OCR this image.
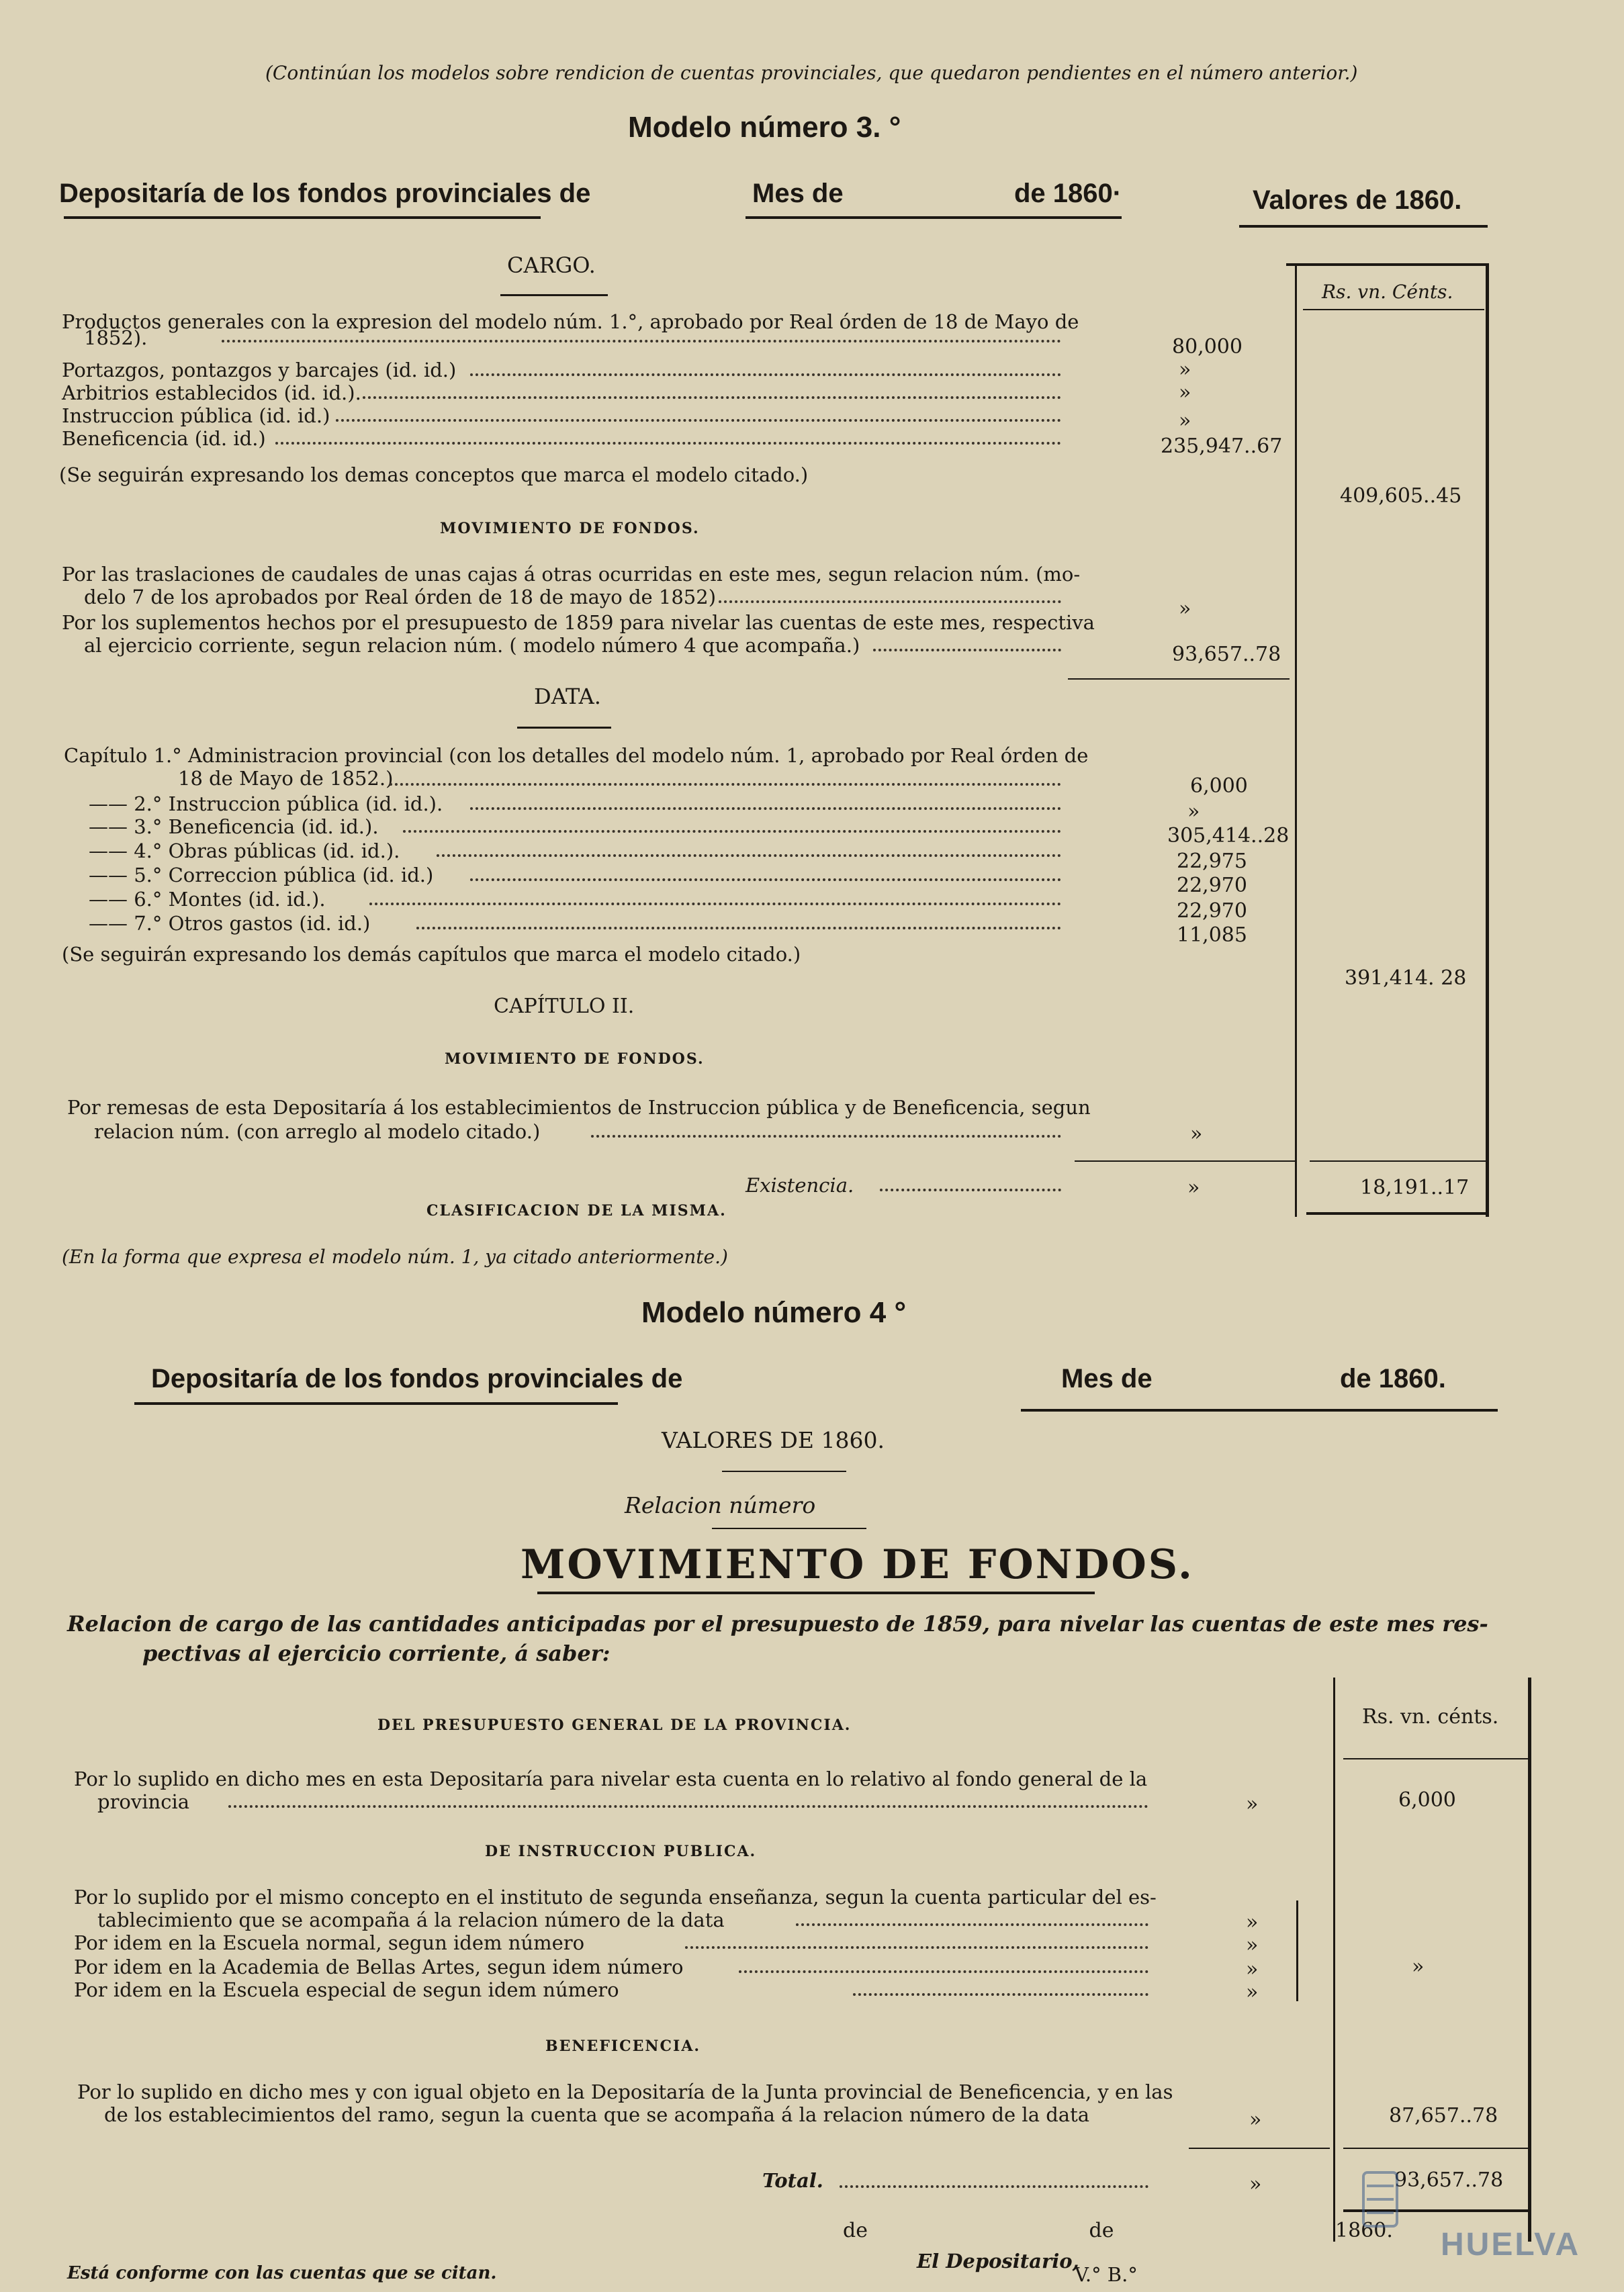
(Continúan los modelos sobre rendicion de cuentas provinciales, que quedaron pendientes en el número anterior.)
Modelo número 3. °
Depositaría de los fondos provinciales de	Mes de	de 1860·	Valores de 1860.
Rs. vn. Cénts.
CARGO.
Productos generales con la expresion del modelo núm. 1.°, aprobado por Real órden de 18 de Mayo de
1852).	80,000
Portazgos, pontazgos y barcajes (id. id.)	»
Arbitrios establecidos (id. id.).	»
Instruccion pública (id. id.)	»
Beneficencia (id. id.)	235,947..67
(Se seguirán expresando los demas conceptos que marca el modelo citado.)
409,605..45
MOVIMIENTO DE FONDOS.
Por las traslaciones de caudales de unas cajas á otras ocurridas en este mes, segun relacion núm. (mo-
delo 7 de los aprobados por Real órden de 18 de mayo de 1852)	»
Por los suplementos hechos por el presupuesto de 1859 para nivelar las cuentas de este mes, respectiva
al ejercicio corriente, segun relacion núm. ( modelo número 4 que acompaña.)	93,657..78
DATA.
Capítulo 1.° Administracion provincial (con los detalles del modelo núm. 1, aprobado por Real órden de
18 de Mayo de 1852.)	6,000
—— 2.° Instruccion pública (id. id.).	»
—— 3.° Beneficencia (id. id.).	305,414..28
—— 4.° Obras públicas (id. id.).	22,975
—— 5.° Correccion pública (id. id.)	22,970
—— 6.° Montes (id. id.).	22,970
—— 7.° Otros gastos (id. id.)	11,085
(Se seguirán expresando los demás capítulos que marca el modelo citado.)
391,414. 28
CAPÍTULO II.
MOVIMIENTO DE FONDOS.
Por remesas de esta Depositaría á los establecimientos de Instruccion pública y de Beneficencia, segun
relacion núm. (con arreglo al modelo citado.)	»
Existencia.	»	18,191..17
CLASIFICACION DE LA MISMA.
(En la forma que expresa el modelo núm. 1, ya citado anteriormente.)
Modelo número 4 °
Depositaría de los fondos provinciales de	Mes de	de 1860.
VALORES DE 1860.
Relacion número
MOVIMIENTO DE FONDOS.
Relacion de cargo de las cantidades anticipadas por el presupuesto de 1859, para nivelar las cuentas de este mes res-
pectivas al ejercicio corriente, á saber:
Rs. vn. cénts.
DEL PRESUPUESTO GENERAL DE LA PROVINCIA.
Por lo suplido en dicho mes en esta Depositaría para nivelar esta cuenta en lo relativo al fondo general de la
provincia	»	6,000
DE INSTRUCCION PUBLICA.
Por lo suplido por el mismo concepto en el instituto de segunda enseñanza, segun la cuenta particular del es-
tablecimiento que se acompaña á la relacion número de la data	»
Por idem en la Escuela normal, segun idem número	»
Por idem en la Academia de Bellas Artes, segun idem número	»	»
Por idem en la Escuela especial de segun idem número	»
BENEFICENCIA.
Por lo suplido en dicho mes y con igual objeto en la Depositaría de la Junta provincial de Beneficencia, y en las
de los establecimientos del ramo, segun la cuenta que se acompaña á la relacion número de la data	»	87,657..78
Total.	»	93,657..78
de de 1860.
El Depositario,
Está conforme con las cuentas que se citan.	V.° B.°
HUELVA
